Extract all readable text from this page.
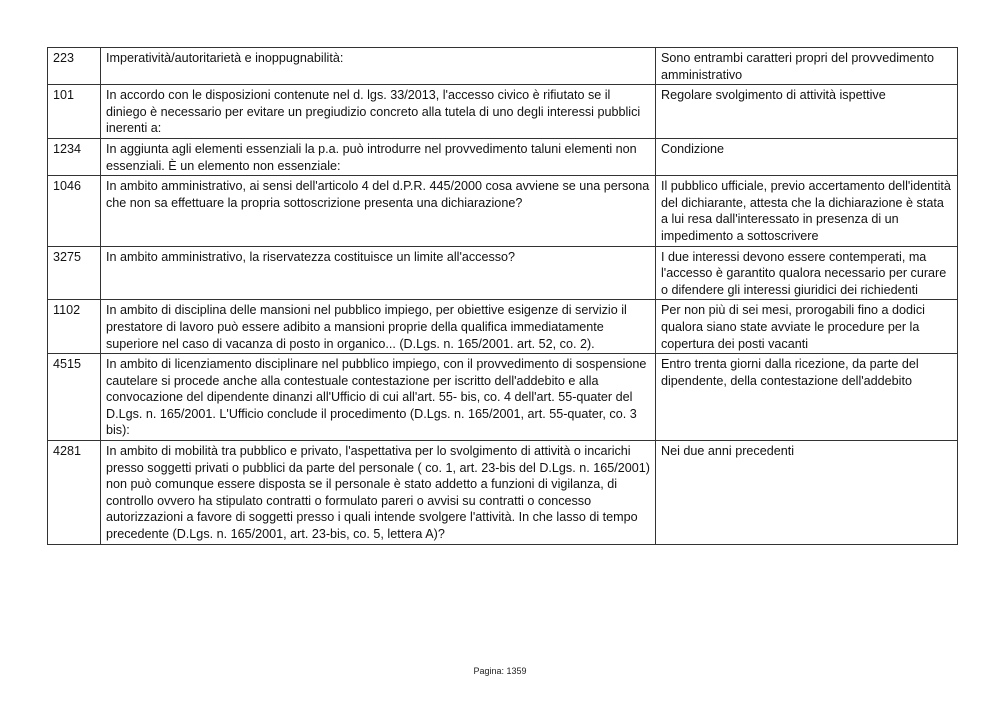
223	Imperatività/autoritarietà e inoppugnabilità:	Sono entrambi caratteri propri del provvedimento amministrativo
101	In accordo con le disposizioni contenute nel d. lgs. 33/2013, l'accesso civico è rifiutato se il diniego è necessario per evitare un pregiudizio concreto alla tutela di uno degli interessi pubblici inerenti a:	Regolare svolgimento di attività ispettive
1234	In aggiunta agli elementi essenziali la p.a. può introdurre nel provvedimento taluni elementi non essenziali. È un elemento non essenziale:	Condizione
1046	In ambito amministrativo, ai sensi dell'articolo 4 del d.P.R. 445/2000 cosa avviene se una persona che non sa effettuare la propria sottoscrizione presenta una dichiarazione?	Il pubblico ufficiale, previo accertamento dell'identità del dichiarante, attesta che la dichiarazione è stata a lui resa dall'interessato in presenza di un impedimento a sottoscrivere
3275	In ambito amministrativo, la riservatezza costituisce un limite all'accesso?	I due interessi devono essere contemperati, ma l'accesso è garantito qualora necessario per curare o difendere gli interessi giuridici dei richiedenti
1102	In ambito di disciplina delle mansioni nel pubblico impiego, per obiettive esigenze di servizio il prestatore di lavoro può essere adibito a mansioni proprie della qualifica immediatamente superiore nel caso di vacanza di posto in organico... (D.Lgs. n. 165/2001. art. 52, co. 2).	Per non più di sei mesi, prorogabili fino a dodici qualora siano state avviate le procedure per la copertura dei posti vacanti
4515	In ambito di licenziamento disciplinare nel pubblico impiego, con il provvedimento di sospensione cautelare si procede anche alla contestuale contestazione per iscritto dell'addebito e alla convocazione del dipendente dinanzi all'Ufficio di cui all'art. 55- bis, co. 4 dell'art. 55-quater del D.Lgs. n. 165/2001. L'Ufficio conclude il procedimento (D.Lgs. n. 165/2001, art. 55-quater, co. 3 bis):	Entro trenta giorni dalla ricezione, da parte del dipendente, della contestazione dell'addebito
4281	In ambito di mobilità tra pubblico e privato, l'aspettativa per lo svolgimento di attività o incarichi presso soggetti privati o pubblici da parte del personale ( co. 1, art. 23-bis del D.Lgs. n. 165/2001) non può comunque essere disposta se il personale è stato addetto a funzioni di vigilanza, di controllo ovvero ha stipulato contratti o formulato pareri o avvisi su contratti o concesso autorizzazioni a favore di soggetti presso i quali intende svolgere l'attività. In che lasso di tempo precedente (D.Lgs. n. 165/2001, art. 23-bis, co. 5, lettera A)?	Nei due anni precedenti
Pagina: 1359
